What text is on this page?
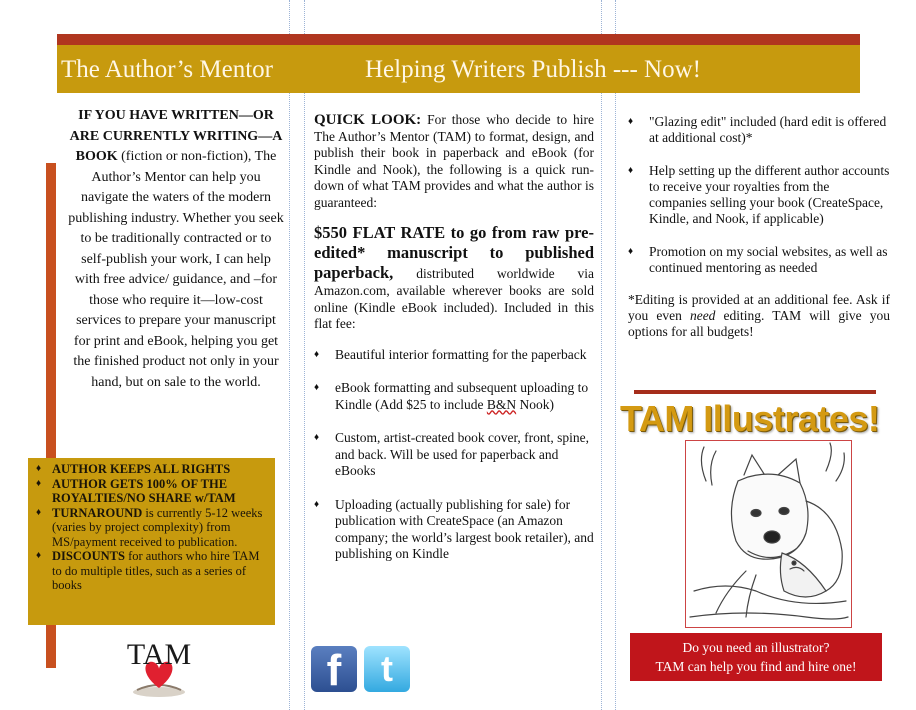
The Author’s Mentor	Helping Writers Publish --- Now!
IF YOU HAVE WRITTEN—OR ARE CURRENTLY WRITING—A BOOK (fiction or non-fiction), The Author’s Mentor can help you navigate the waters of the modern publishing industry. Whether you seek to be traditionally contracted or to self-publish your work, I can help with free advice/ guidance, and –for those who require it—low-cost services to prepare your manuscript for print and eBook, helping you get the finished product not only in your hand, but on sale to the world.
♦ AUTHOR KEEPS ALL RIGHTS
♦ AUTHOR GETS 100% OF THE ROYALTIES/NO SHARE w/TAM
♦ TURNAROUND is currently 5-12 weeks (varies by project complexity) from MS/payment received to publication.
♦ DISCOUNTS for authors who hire TAM to do multiple titles, such as a series of books
TAM
QUICK LOOK: For those who decide to hire The Author’s Mentor (TAM) to format, design, and publish their book in paperback and eBook (for Kindle and Nook), the following is a quick run-down of what TAM provides and what the author is guaranteed:
$550 FLAT RATE to go from raw pre-edited* manuscript to published paperback, distributed worldwide via Amazon.com, available wherever books are sold online (Kindle eBook included). Included in this flat fee:
♦ Beautiful interior formatting for the paperback
♦ eBook formatting and subsequent uploading to Kindle (Add $25 to include B&N Nook)
♦ Custom, artist-created book cover, front, spine, and back. Will be used for paperback and eBooks
♦ Uploading (actually publishing for sale) for publication with CreateSpace (an Amazon company; the world’s largest book retailer), and publishing on Kindle
f	t
♦ "Glazing edit" included (hard edit is offered at additional cost)*
♦ Help setting up the different author accounts to receive your royalties from the companies selling your book (CreateSpace, Kindle, and Nook, if applicable)
♦ Promotion on my social websites, as well as continued mentoring as needed
*Editing is provided at an additional fee. Ask if you even need editing. TAM will give you options for all budgets!
TAM Illustrates!
Do you need an illustrator?
TAM can help you find and hire one!
